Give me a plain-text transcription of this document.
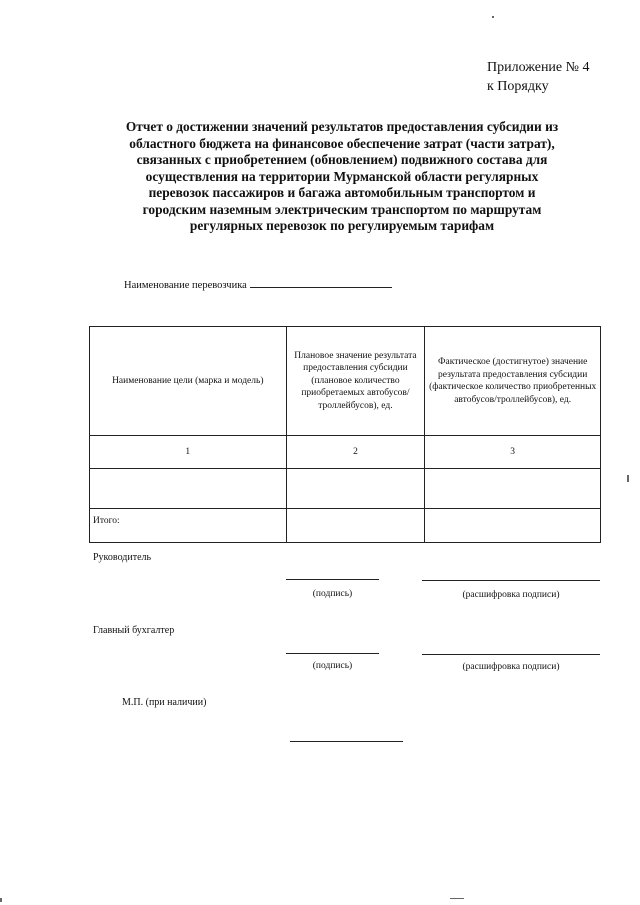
Приложение № 4
к Порядку
Отчет о достижении значений результатов предоставления субсидии из
областного бюджета на финансовое обеспечение затрат (части затрат),
связанных с приобретением (обновлением) подвижного состава для
осуществления на территории Мурманской области регулярных
перевозок пассажиров и багажа автомобильным транспортом и
городским наземным электрическим транспортом по маршрутам
регулярных перевозок по регулируемым тарифам
Наименование перевозчика
Наименование цели (марка и модель)	Плановое значение результата предоставления субсидии (плановое количество приобретаемых автобусов/троллейбусов), ед.	Фактическое (достигнутое) значение результата предоставления субсидии (фактическое количество приобретенных автобусов/троллейбусов), ед.
1	2	3

Итого:		
Руководитель
(подпись)	(расшифровка подписи)
Главный бухгалтер
(подпись)	(расшифровка подписи)
М.П. (при наличии)
